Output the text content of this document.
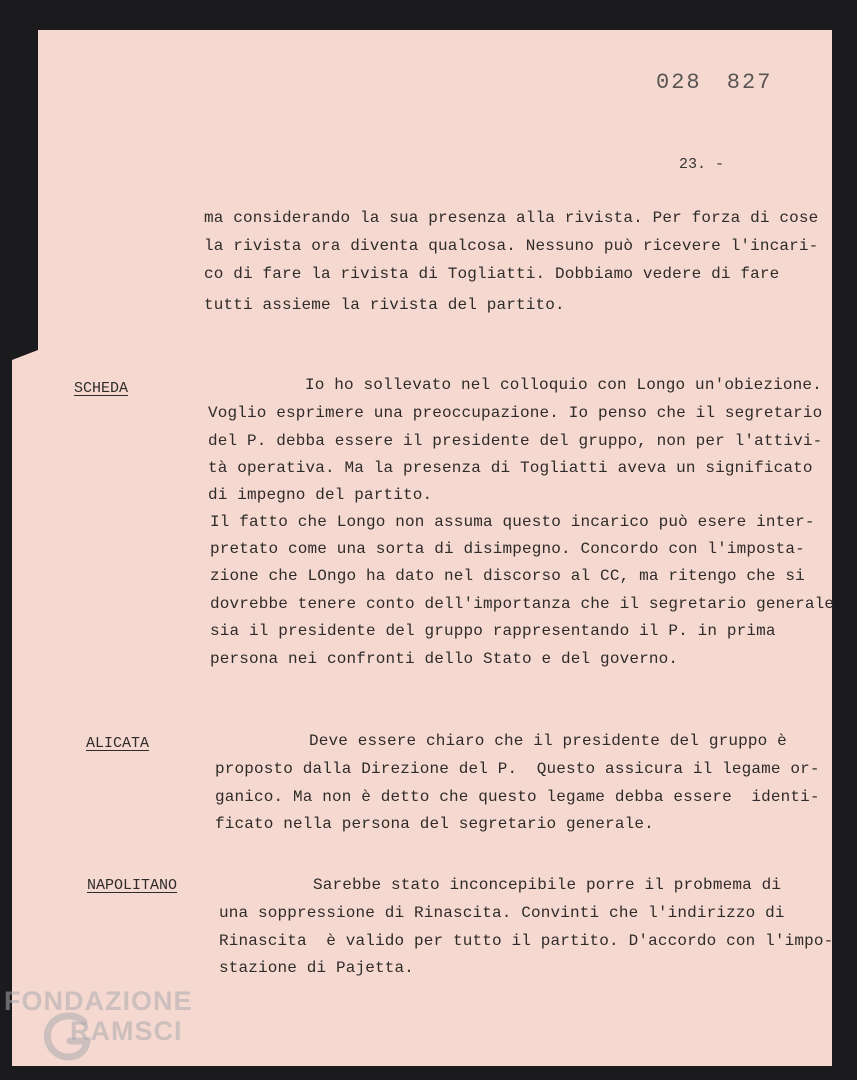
028 827
23. -
ma considerando la sua presenza alla rivista. Per forza di cose
la rivista ora diventa qualcosa. Nessuno può ricevere l'incari-
co di fare la rivista di Togliatti. Dobbiamo vedere di fare
tutti assieme la rivista del partito.
SCHEDA	Io ho sollevato nel colloquio con Longo un'obiezione.
Voglio esprimere una preoccupazione. Io penso che il segretario
del P. debba essere il presidente del gruppo, non per l'attivi-
tà operativa. Ma la presenza di Togliatti aveva un significato
di impegno del partito.
Il fatto che Longo non assuma questo incarico può esere inter-
pretato come una sorta di disimpegno. Concordo con l'imposta-
zione che LOngo ha dato nel discorso al CC, ma ritengo che si
dovrebbe tenere conto dell'importanza che il segretario generale
sia il presidente del gruppo rappresentando il P. in prima
persona nei confronti dello Stato e del governo.
ALICATA	Deve essere chiaro che il presidente del gruppo è
proposto dalla Direzione del P.  Questo assicura il legame or-
ganico. Ma non è detto che questo legame debba essere  identi-
ficato nella persona del segretario generale.
NAPOLITANO	Sarebbe stato inconcepibile porre il probmema di
una soppressione di Rinascita. Convinti che l'indirizzo di
Rinascita  è valido per tutto il partito. D'accordo con l'impo-
stazione di Pajetta.
FONDAZIONE
RAMSCI
